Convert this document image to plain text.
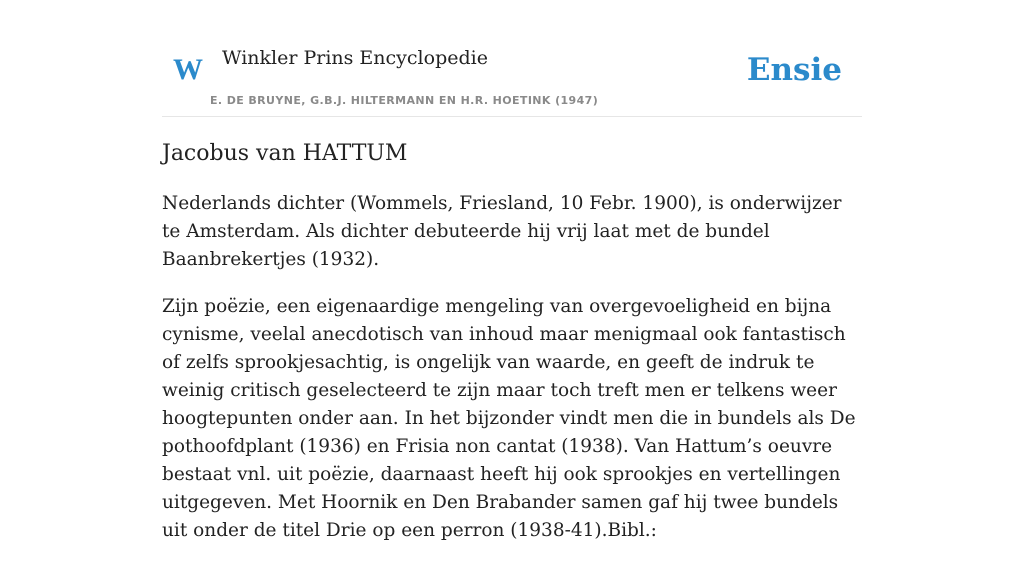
W Winkler Prins Encyclopedie
E. DE BRUYNE, G.B.J. HILTERMANN EN H.R. HOETINK (1947)
Ensie
Jacobus van HATTUM

Nederlands dichter (Wommels, Friesland, 10 Febr. 1900), is onderwijzer te Amsterdam. Als dichter debuteerde hij vrij laat met de bundel Baanbrekertjes (1932).

Zijn poëzie, een eigenaardige mengeling van overgevoeligheid en bijna cynisme, veelal anecdotisch van inhoud maar menigmaal ook fantastisch of zelfs sprookjesachtig, is ongelijk van waarde, en geeft de indruk te weinig critisch geselecteerd te zijn maar toch treft men er telkens weer hoogtepunten onder aan. In het bijzonder vindt men die in bundels als De pothoofdplant (1936) en Frisia non cantat (1938). Van Hattum’s oeuvre bestaat vnl. uit poëzie, daarnaast heeft hij ook sprookjes en vertellingen uitgegeven. Met Hoornik en Den Brabander samen gaf hij twee bundels uit onder de titel Drie op een perron (1938-41).Bibl.:
